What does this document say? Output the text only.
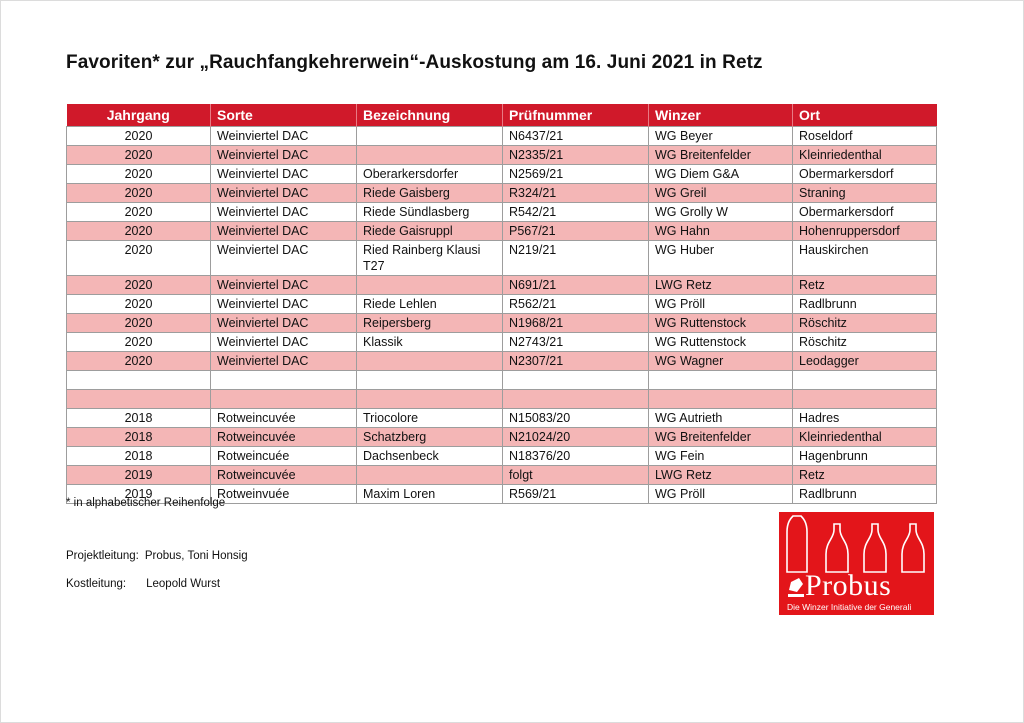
Favoriten* zur „Rauchfangkehrerwein“-Auskostung am 16. Juni 2021 in Retz
Jahrgang	Sorte	Bezeichnung	Prüfnummer	Winzer	Ort
2020	Weinviertel DAC		N6437/21	WG Beyer	Roseldorf
2020	Weinviertel DAC		N2335/21	WG Breitenfelder	Kleinriedenthal
2020	Weinviertel DAC	Oberarkersdorfer	N2569/21	WG Diem G&A	Obermarkersdorf
2020	Weinviertel DAC	Riede Gaisberg	R324/21	WG Greil	Straning
2020	Weinviertel DAC	Riede Sündlasberg	R542/21	WG Grolly W	Obermarkersdorf
2020	Weinviertel DAC	Riede Gaisruppl	P567/21	WG Hahn	Hohenruppersdorf
2020	Weinviertel DAC	Ried Rainberg Klausi T27	N219/21	WG Huber	Hauskirchen
2020	Weinviertel DAC		N691/21	LWG Retz	Retz
2020	Weinviertel DAC	Riede Lehlen	R562/21	WG Pröll	Radlbrunn
2020	Weinviertel DAC	Reipersberg	N1968/21	WG Ruttenstock	Röschitz
2020	Weinviertel DAC	Klassik	N2743/21	WG Ruttenstock	Röschitz
2020	Weinviertel DAC		N2307/21	WG Wagner	Leodagger

2018	Rotweincuvée	Triocolore	N15083/20	WG Autrieth	Hadres
2018	Rotweincuvée	Schatzberg	N21024/20	WG Breitenfelder	Kleinriedenthal
2018	Rotweincuée	Dachsenbeck	N18376/20	WG Fein	Hagenbrunn
2019	Rotweincuvée		folgt	LWG Retz	Retz
2019	Rotweinvuée	Maxim Loren	R569/21	WG Pröll	Radlbrunn
* in alphabetischer Reihenfolge
Projektleitung: Probus, Toni Honsig
Kostleitung: Leopold Wurst	Probus
Die Winzer Initiative der Generali
